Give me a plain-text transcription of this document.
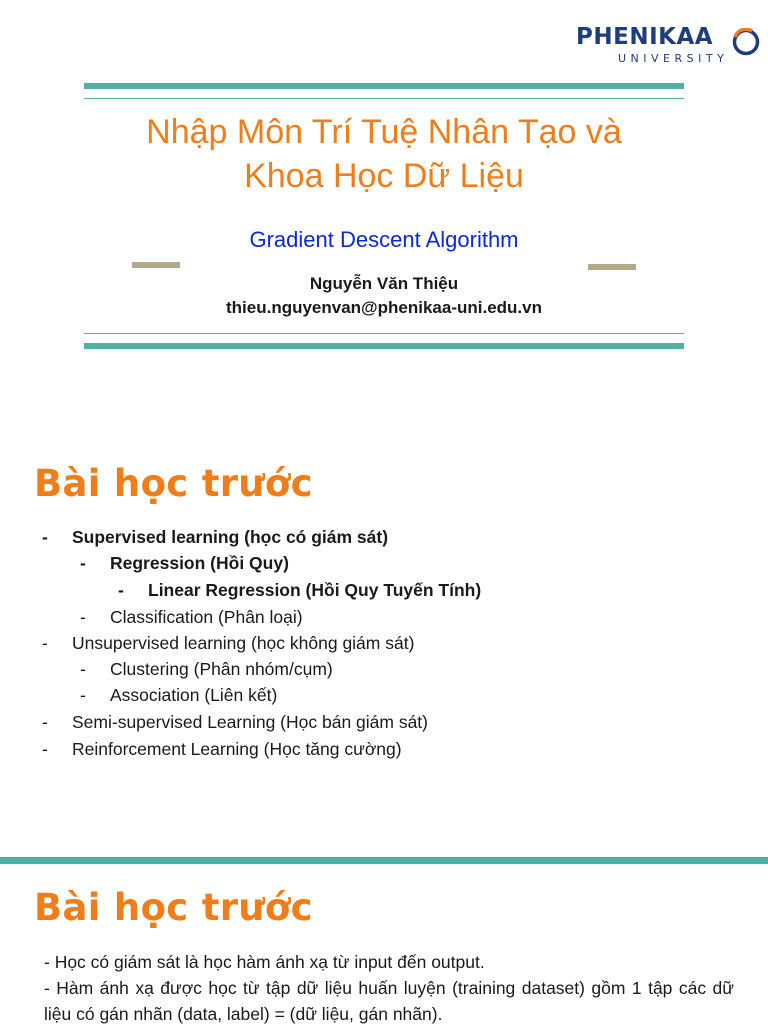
PHENIKAA
UNIVERSITY
Nhập Môn Trí Tuệ Nhân Tạo và
Khoa Học Dữ Liệu
Gradient Descent Algorithm
Nguyễn Văn Thiệu
thieu.nguyenvan@phenikaa-uni.edu.vn
Bài học trước
- Supervised learning (học có giám sát)
- Regression (Hồi Quy)
- Linear Regression (Hồi Quy Tuyến Tính)
- Classification (Phân loại)
- Unsupervised learning (học không giám sát)
- Clustering (Phân nhóm/cụm)
- Association (Liên kết)
- Semi-supervised Learning (Học bán giám sát)
- Reinforcement Learning (Học tăng cường)
Bài học trước
- Học có giám sát là học hàm ánh xạ từ input đến output.
- Hàm ánh xạ được học từ tập dữ liệu huấn luyện (training dataset) gồm 1 tập các dữ liệu có gán nhãn (data, label) = (dữ liệu, gán nhãn).
